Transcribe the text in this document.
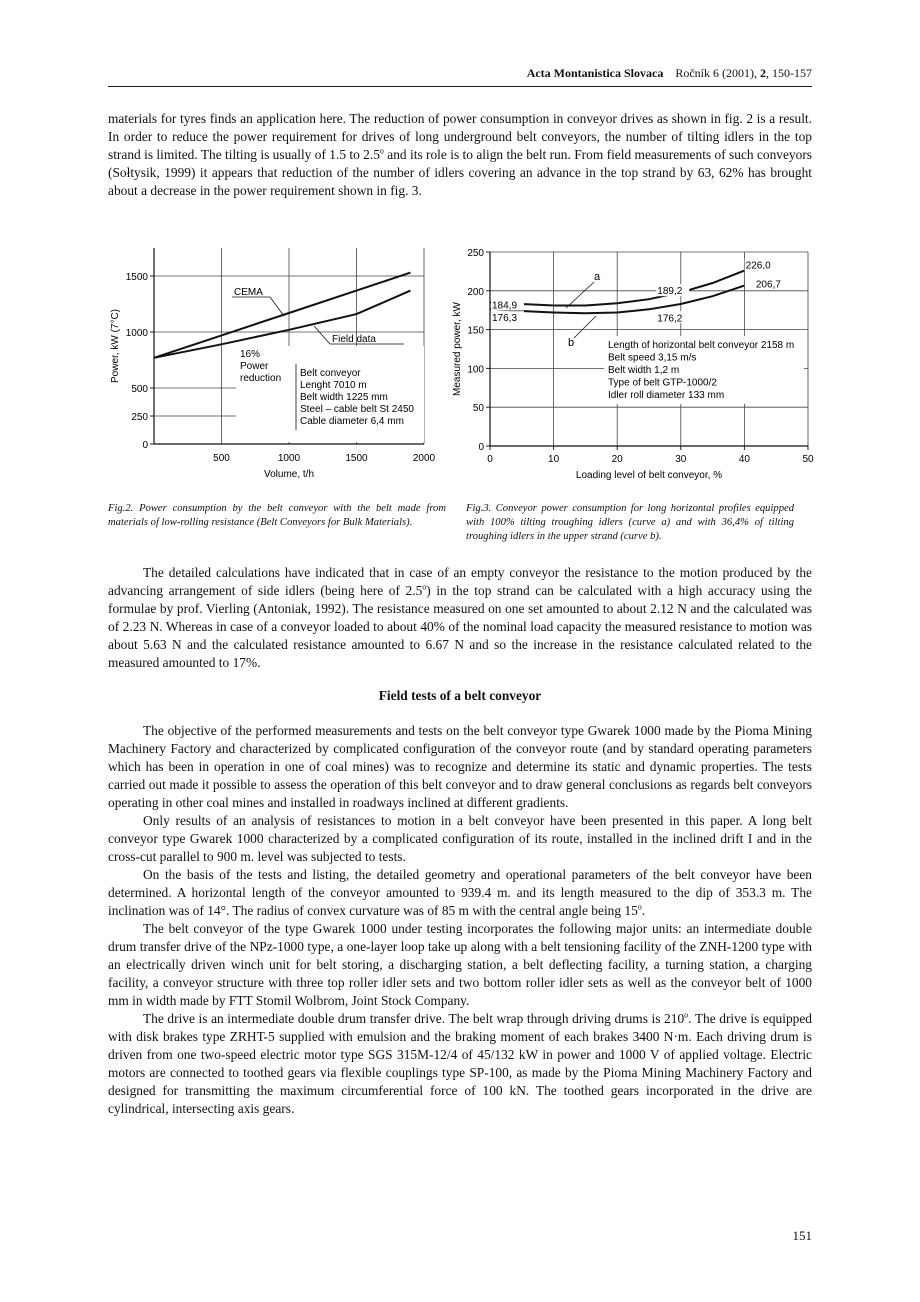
Acta Montanistica Slovaca Ročník 6 (2001), 2, 150-157

materials for tyres finds an application here. The reduction of power consumption in conveyor drives as shown in fig. 2 is a result. In order to reduce the power requirement for drives of long underground belt conveyors, the number of tilting idlers in the top strand is limited. The tilting is usually of 1.5 to 2.5$^o$ and its role is to align the belt run. From field measurements of such conveyors (Sołtysik, 1999) it appears that reduction of the number of idlers covering an advance in the top strand by 63, 62% has brought about a decrease in the power requirement shown in fig. 3.

500	1000	1500	2000
0
250
500
1000
1500
CEMA
Field data
16%
Power
reduction Belt conveyor
Lenght 7010 m
Belt width 1225 mm
Steel – cable belt St 2450
Cable diameter 6,4 mm
Volume, t/h
Power, kW (7°C)
Fig.2. Power consumption by the belt conveyor with the belt made from materials of low-rolling resistance (Belt Conveyors for Bulk Materials).
0	10	20	30	40	50
0
50
100
150
200
250
184,9
176,3
189,2
176,2
226,0
206,7
a
b	Length of horizontal belt conveyor 2158 m
Belt speed 3,15 m/s
Belt width 1,2 m
Type of belt GTP-1000/2
Idler roll diameter 133 mm
Loading level of belt conveyor, %
Measured power, kW
Fig.3. Conveyor power consumption for long horizontal profiles equipped with 100% tilting troughing idlers (curve a) and with 36,4% of tilting troughing idlers in the upper strand (curve b).

The detailed calculations have indicated that in case of an empty conveyor the resistance to the motion produced by the advancing arrangement of side idlers (being here of 2.5$^o$) in the top strand can be calculated with a high accuracy using the formulae by prof. Vierling (Antoniak, 1992). The resistance measured on one set amounted to about 2.12 N and the calculated was of 2.23 N. Whereas in case of a conveyor loaded to about 40% of the nominal load capacity the measured resistance to motion was about 5.63 N and the calculated resistance amounted to 6.67 N and so the increase in the resistance calculated related to the measured amounted to 17%.

Field tests of a belt conveyor

The objective of the performed measurements and tests on the belt conveyor type Gwarek 1000 made by the Pioma Mining Machinery Factory and characterized by complicated configuration of the conveyor route (and by standard operating parameters which has been in operation in one of coal mines) was to recognize and determine its static and dynamic properties. The tests carried out made it possible to assess the operation of this belt conveyor and to draw general conclusions as regards belt conveyors operating in other coal mines and installed in roadways inclined at different gradients.

Only results of an analysis of resistances to motion in a belt conveyor have been presented in this paper. A long belt conveyor type Gwarek 1000 characterized by a complicated configuration of its route, installed in the inclined drift I and in the cross-cut parallel to 900 m. level was subjected to tests.

On the basis of the tests and listing, the detailed geometry and operational parameters of the belt conveyor have been determined. A horizontal length of the conveyor amounted to 939.4 m. and its length measured to the dip of 353.3 m. The inclination was of 14°. The radius of convex curvature was of 85 m with the central angle being 15$^o$.

The belt conveyor of the type Gwarek 1000 under testing incorporates the following major units: an intermediate double drum transfer drive of the NPz-1000 type, a one-layer loop take up along with a belt tensioning facility of the ZNH-1200 type with an electrically driven winch unit for belt storing, a discharging station, a belt deflecting facility, a turning station, a charging facility, a conveyor structure with three top roller idler sets and two bottom roller idler sets as well as the conveyor belt of 1000 mm in width made by FTT Stomil Wolbrom, Joint Stock Company.

The drive is an intermediate double drum transfer drive. The belt wrap through driving drums is 210$^o$. The drive is equipped with disk brakes type ZRHT-5 supplied with emulsion and the braking moment of each brakes 3400 N·m. Each driving drum is driven from one two-speed electric motor type SGS 315M-12/4 of 45/132 kW in power and 1000 V of applied voltage. Electric motors are connected to toothed gears via flexible couplings type SP-100, as made by the Pioma Mining Machinery Factory and designed for transmitting the maximum circumferential force of 100 kN. The toothed gears incorporated in the drive are cylindrical, intersecting axis gears.

151
